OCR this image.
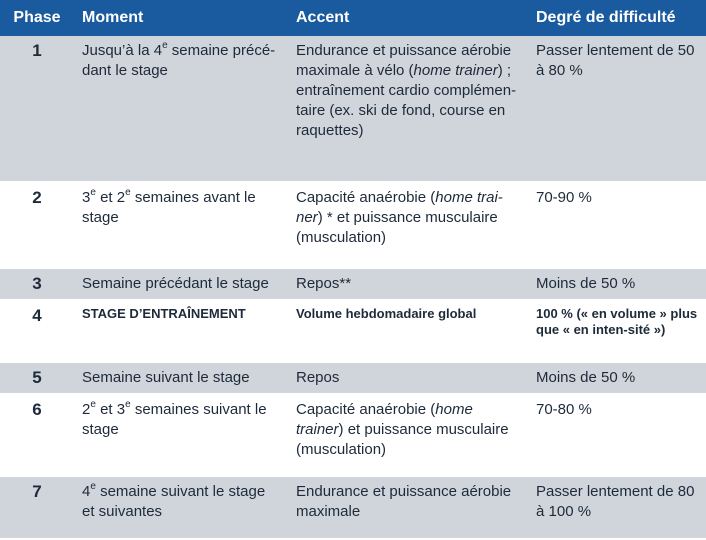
Phase	Moment	Accent	Degré de difficulté
1	Jusqu’à la 4e semaine précé-dant le stage	Endurance et puissance aérobie maximale à vélo (home trainer) ; entraînement cardio complémen-taire (ex. ski de fond, course en raquettes)	Passer lentement de 50 à 80 %
2	3e et 2e semaines avant le stage	Capacité anaérobie (home trai-ner) * et puissance musculaire (musculation)	70-90 %
3	Semaine précédant le stage	Repos**	Moins de 50 %
4	STAGE D’ENTRAÎNEMENT	Volume hebdomadaire global	100 % (« en volume » plus que « en inten-sité »)
5	Semaine suivant le stage	Repos	Moins de 50 %
6	2e et 3e semaines suivant le stage	Capacité anaérobie (home trainer) et puissance musculaire (musculation)	70-80 %
7	4e semaine suivant le stage et suivantes	Endurance et puissance aérobie maximale	Passer lentement de 80 à 100 %
